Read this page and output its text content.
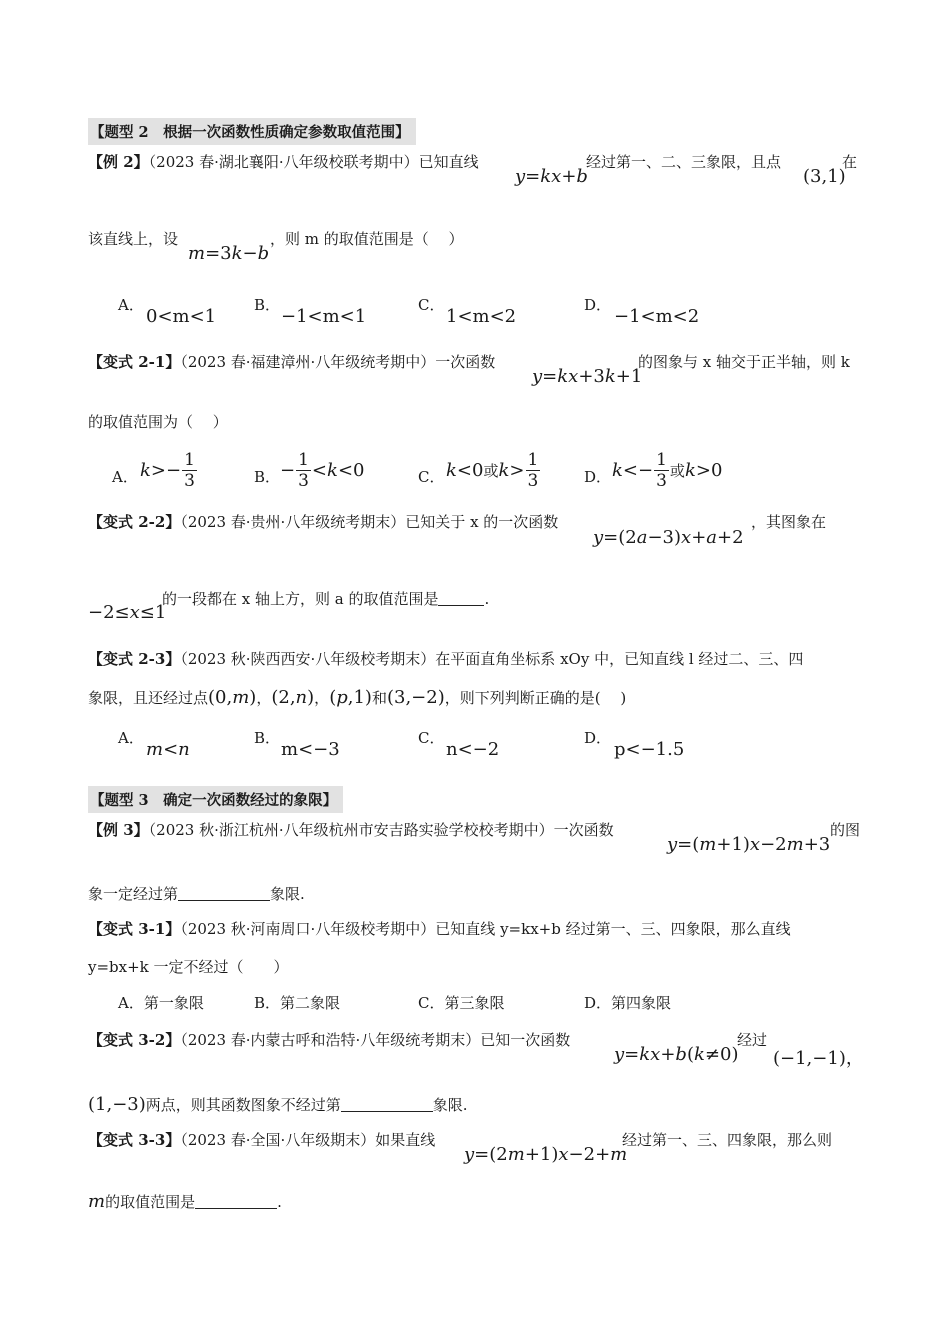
【题型 2　根据一次函数性质确定参数取值范围】
【例 2】（2023 春·湖北襄阳·八年级校联考期中）已知直线
y=kx+b
经过第一、二、三象限，且点
(3,1)
在
该直线上，设
m=3k−b
，则 m 的取值范围是（　 ）
A．
0<m<1
B．
−1<m<1
C．
1<m<2
D．
−1<m<2
【变式 2-1】（2023 春·福建漳州·八年级统考期中）一次函数
y=kx+3k+1
的图象与 x 轴交于正半轴，则 k
的取值范围为（　 ）
A． $k>- \frac{1}{3}$	B． − $\frac{1}{3} <k<0$	C． k<0或$k> \frac{1}{3}$	D． $k<- \frac{1}{3}$ 或k>0
【变式 2-2】（2023 春·贵州·八年级统考期末）已知关于 x 的一次函数
y=(2a−3)x+a+2
，其图象在
−2≤x≤1
的一段都在 x 轴上方，则 a 的取值范围是	.
【变式 2-3】（2023 秋·陕西西安·八年级校考期末）在平面直角坐标系 xOy 中，已知直线 l 经过二、三、四
象限，且还经过点(0,m)，(2,n)，(p,1)和(3,−2)，则下列判断正确的是(　 )
A．
m<n
B．
m<−3
C．
n<−2
D．
p<−1.5
【题型 3　确定一次函数经过的象限】
【例 3】（2023 秋·浙江杭州·八年级杭州市安吉路实验学校校考期中）一次函数
y=(m+1)x−2m+3
的图
象一定经过第	象限.
【变式 3-1】（2023 秋·河南周口·八年级校考期中）已知直线 y=kx+b 经过第一、三、四象限，那么直线
y=bx+k 一定不经过（　　）
A．第一象限	B．第二象限	C．第三象限	D．第四象限
【变式 3-2】（2023 春·内蒙古呼和浩特·八年级统考期末）已知一次函数
y=kx+b(k≠0)
经过
(−1,−1)，
(1,−3)两点，则其函数图象不经过第	象限.
【变式 3-3】（2023 春·全国·八年级期末）如果直线
y=(2m+1)x−2+m
经过第一、三、四象限，那么则
m的取值范围是	.
